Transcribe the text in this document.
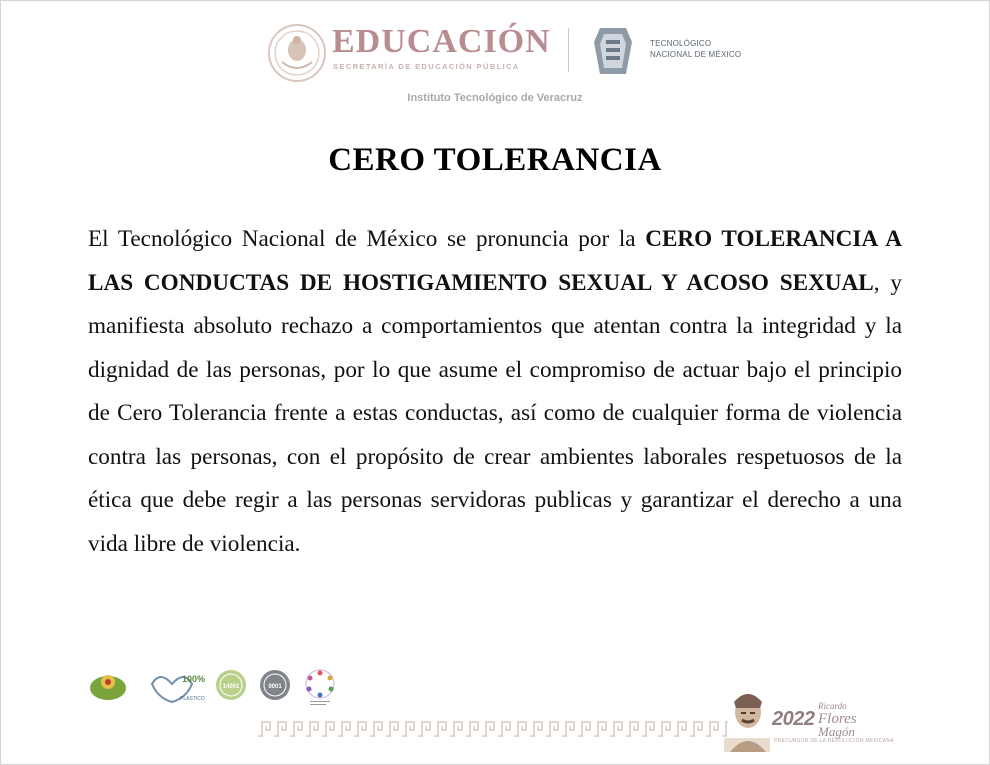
EDUCACIÓN
SECRETARÍA DE EDUCACIÓN PÚBLICA
TECNOLÓGICO
NACIONAL DE MÉXICO
Instituto Tecnológico de Veracruz
CERO TOLERANCIA
El Tecnológico Nacional de México se pronuncia por la CERO TOLERANCIA A LAS CONDUCTAS DE HOSTIGAMIENTO SEXUAL Y ACOSO SEXUAL, y manifiesta absoluto rechazo a comportamientos que atentan contra la integridad y la dignidad de las personas, por lo que asume el compromiso de actuar bajo el principio de Cero Tolerancia frente a estas conductas, así como de cualquier forma de violencia contra las personas, con el propósito de crear ambientes laborales respetuosos de la ética que debe regir a las personas servidoras publicas y garantizar el derecho a una vida libre de violencia.
100%
PLÁSTICO
14001	9001
2022
Ricardo
Flores
Magón
PRECURSOR DE LA REVOLUCIÓN MEXICANA
